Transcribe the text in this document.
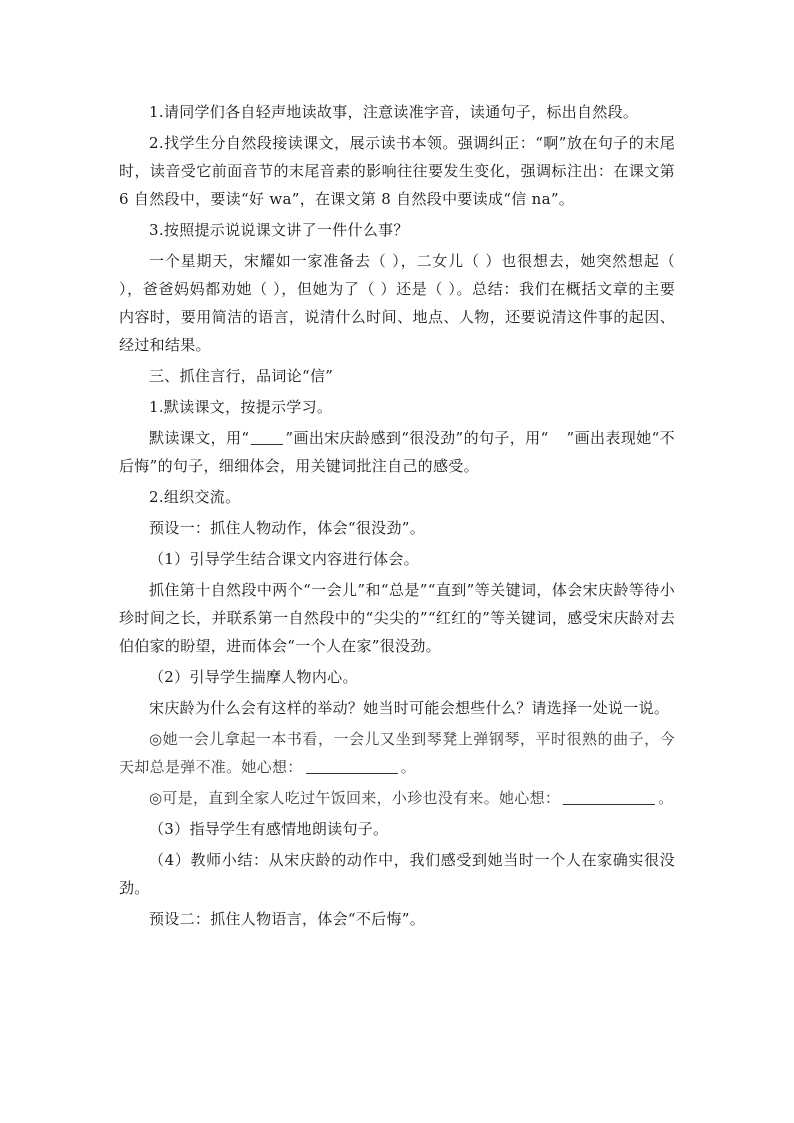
1.请同学们各自轻声地读故事，注意读准字音，读通句子，标出自然段。

2.找学生分自然段接读课文，展示读书本领。强调纠正：“啊”放在句子的末尾时，读音受它前面音节的末尾音素的影响往往要发生变化，强调标注出：在课文第 6 自然段中，要读“好 wa”，在课文第 8 自然段中要读成“信 na”。

3.按照提示说说课文讲了一件什么事？

一个星期天，宋耀如一家准备去（ ），二女儿（ ）也很想去，她突然想起（ ），爸爸妈妈都劝她（ ），但她为了（ ）还是（ ）。总结：我们在概括文章的主要内容时，要用简洁的语言，说清什么时间、地点、人物，还要说清这件事的起因、经过和结果。

三、抓住言行，品词论“信”

1.默读课文，按提示学习。

默读课文，用“ ”画出宋庆龄感到“很没劲”的句子，用“ ”画出表现她“不后悔”的句子，细细体会，用关键词批注自己的感受。

2.组织交流。

预设一：抓住人物动作，体会“很没劲”。

（1）引导学生结合课文内容进行体会。

抓住第十自然段中两个“一会儿”和“总是”“直到”等关键词，体会宋庆龄等待小珍时间之长，并联系第一自然段中的“尖尖的”“红红的”等关键词，感受宋庆龄对去伯伯家的盼望，进而体会“一个人在家”很没劲。

（2）引导学生揣摩人物内心。

宋庆龄为什么会有这样的举动？她当时可能会想些什么？请选择一处说一说。

◎她一会儿拿起一本书看，一会儿又坐到琴凳上弹钢琴，平时很熟的曲子，今天却总是弹不准。她心想：	。

◎可是，直到全家人吃过午饭回来，小珍也没有来。她心想：	。

（3）指导学生有感情地朗读句子。

（4）教师小结：从宋庆龄的动作中，我们感受到她当时一个人在家确实很没劲。

预设二：抓住人物语言，体会“不后悔”。
